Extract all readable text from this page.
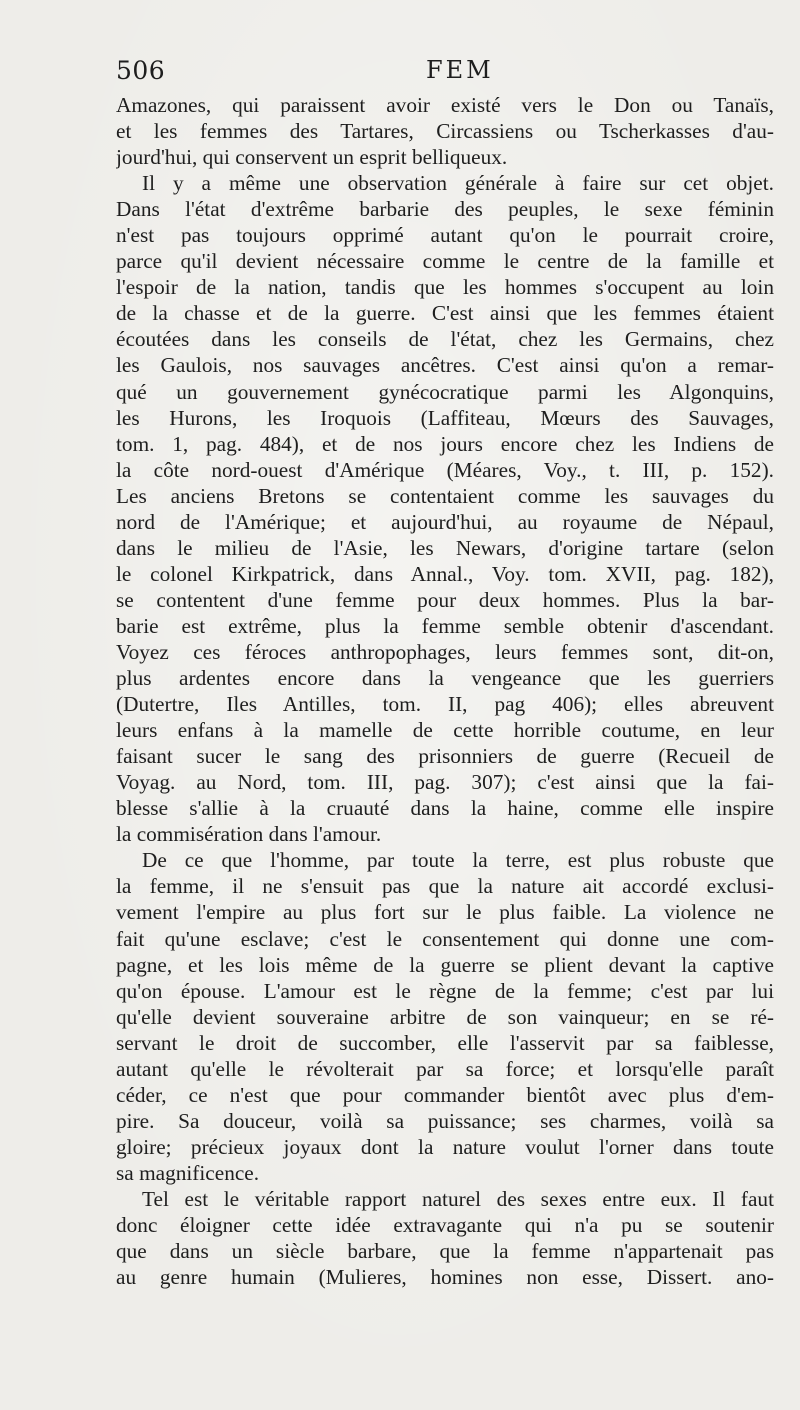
506	FEM
Amazones, qui paraissent avoir existé vers le Don ou Tanaïs,
et les femmes des Tartares, Circassiens ou Tscherkasses d'au-
jourd'hui, qui conservent un esprit belliqueux.
Il y a même une observation générale à faire sur cet objet.
Dans l'état d'extrême barbarie des peuples, le sexe féminin
n'est pas toujours opprimé autant qu'on le pourrait croire,
parce qu'il devient nécessaire comme le centre de la famille et
l'espoir de la nation, tandis que les hommes s'occupent au loin
de la chasse et de la guerre. C'est ainsi que les femmes étaient
écoutées dans les conseils de l'état, chez les Germains, chez
les Gaulois, nos sauvages ancêtres. C'est ainsi qu'on a remar-
qué un gouvernement gynécocratique parmi les Algonquins,
les Hurons, les Iroquois (Laffiteau, Mœurs des Sauvages,
tom. 1, pag. 484), et de nos jours encore chez les Indiens de
la côte nord-ouest d'Amérique (Méares, Voy., t. III, p. 152).
Les anciens Bretons se contentaient comme les sauvages du
nord de l'Amérique; et aujourd'hui, au royaume de Népaul,
dans le milieu de l'Asie, les Newars, d'origine tartare (selon
le colonel Kirkpatrick, dans Annal., Voy. tom. XVII, pag. 182),
se contentent d'une femme pour deux hommes. Plus la bar-
barie est extrême, plus la femme semble obtenir d'ascendant.
Voyez ces féroces anthropophages, leurs femmes sont, dit-on,
plus ardentes encore dans la vengeance que les guerriers
(Dutertre, Iles Antilles, tom. II, pag 406); elles abreuvent
leurs enfans à la mamelle de cette horrible coutume, en leur
faisant sucer le sang des prisonniers de guerre (Recueil de
Voyag. au Nord, tom. III, pag. 307); c'est ainsi que la fai-
blesse s'allie à la cruauté dans la haine, comme elle inspire
la commisération dans l'amour.
De ce que l'homme, par toute la terre, est plus robuste que
la femme, il ne s'ensuit pas que la nature ait accordé exclusi-
vement l'empire au plus fort sur le plus faible. La violence ne
fait qu'une esclave; c'est le consentement qui donne une com-
pagne, et les lois même de la guerre se plient devant la captive
qu'on épouse. L'amour est le règne de la femme; c'est par lui
qu'elle devient souveraine arbitre de son vainqueur; en se ré-
servant le droit de succomber, elle l'asservit par sa faiblesse,
autant qu'elle le révolterait par sa force; et lorsqu'elle paraît
céder, ce n'est que pour commander bientôt avec plus d'em-
pire. Sa douceur, voilà sa puissance; ses charmes, voilà sa
gloire; précieux joyaux dont la nature voulut l'orner dans toute
sa magnificence.
Tel est le véritable rapport naturel des sexes entre eux. Il faut
donc éloigner cette idée extravagante qui n'a pu se soutenir
que dans un siècle barbare, que la femme n'appartenait pas
au genre humain (Mulieres, homines non esse, Dissert. ano-
